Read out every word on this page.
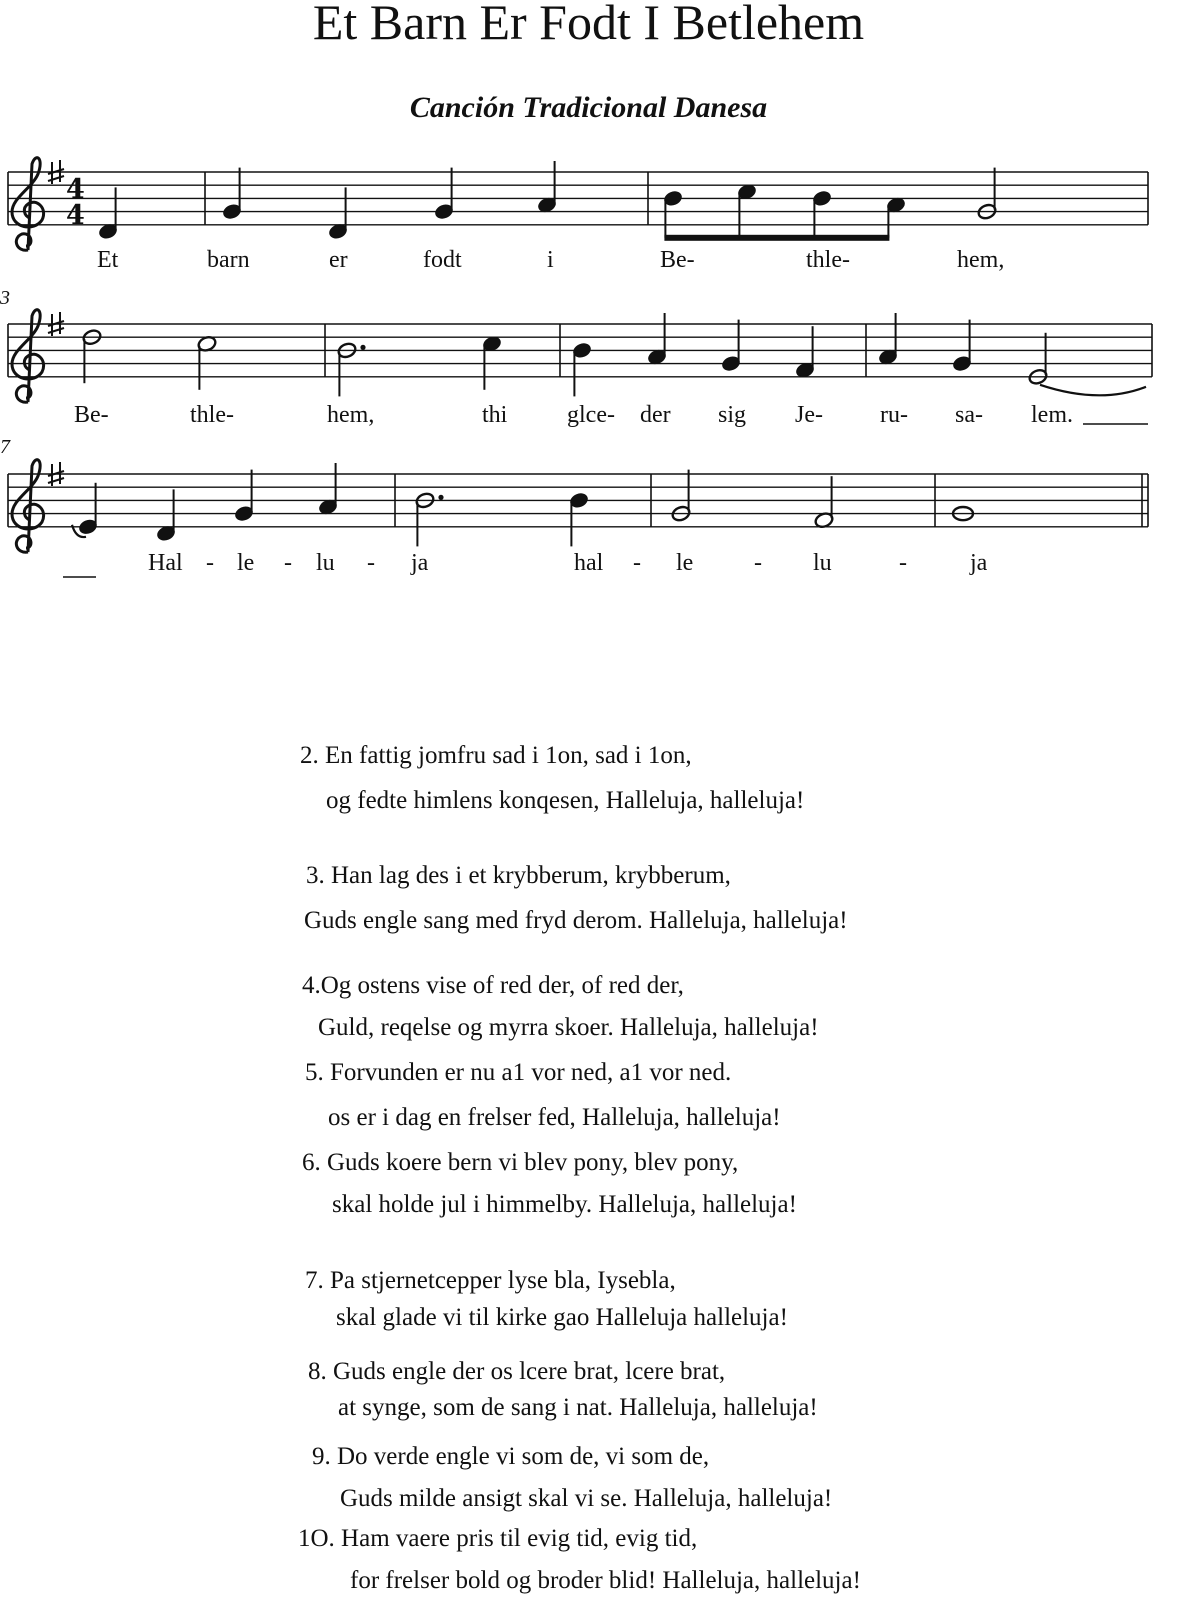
Et Barn Er Fodt I Betlehem
Canción Tradicional Danesa
4
4
3
7
Et	barn	er	fodt	i	Be-	thle-	hem,
Be-	thle-	hem,	thi glce- der sig Je- ru- sa- lem.
Hal - le - lu - ja	hal - le	- lu	-	ja
2. En fattig jomfru sad i 1on, sad i 1on,
og fedte himlens konqesen, Halleluja, halleluja!
3. Han lag des i et krybberum, krybberum,
Guds engle sang med fryd derom. Halleluja, halleluja!
4.Og ostens vise of red der, of red der,
Guld, reqelse og myrra skoer. Halleluja, halleluja!
5. Forvunden er nu a1 vor ned, a1 vor ned.
os er i dag en frelser fed, Halleluja, halleluja!
6. Guds koere bern vi blev pony, blev pony,
skal holde jul i himmelby. Halleluja, halleluja!
7. Pa stjernetcepper lyse bla, Iysebla,
skal glade vi til kirke gao Halleluja halleluja!
8. Guds engle der os lcere brat, lcere brat,
at synge, som de sang i nat. Halleluja, halleluja!
9. Do verde engle vi som de, vi som de,
Guds milde ansigt skal vi se. Halleluja, halleluja!
1O. Ham vaere pris til evig tid, evig tid,
for frelser bold og broder blid! Halleluja, halleluja!
